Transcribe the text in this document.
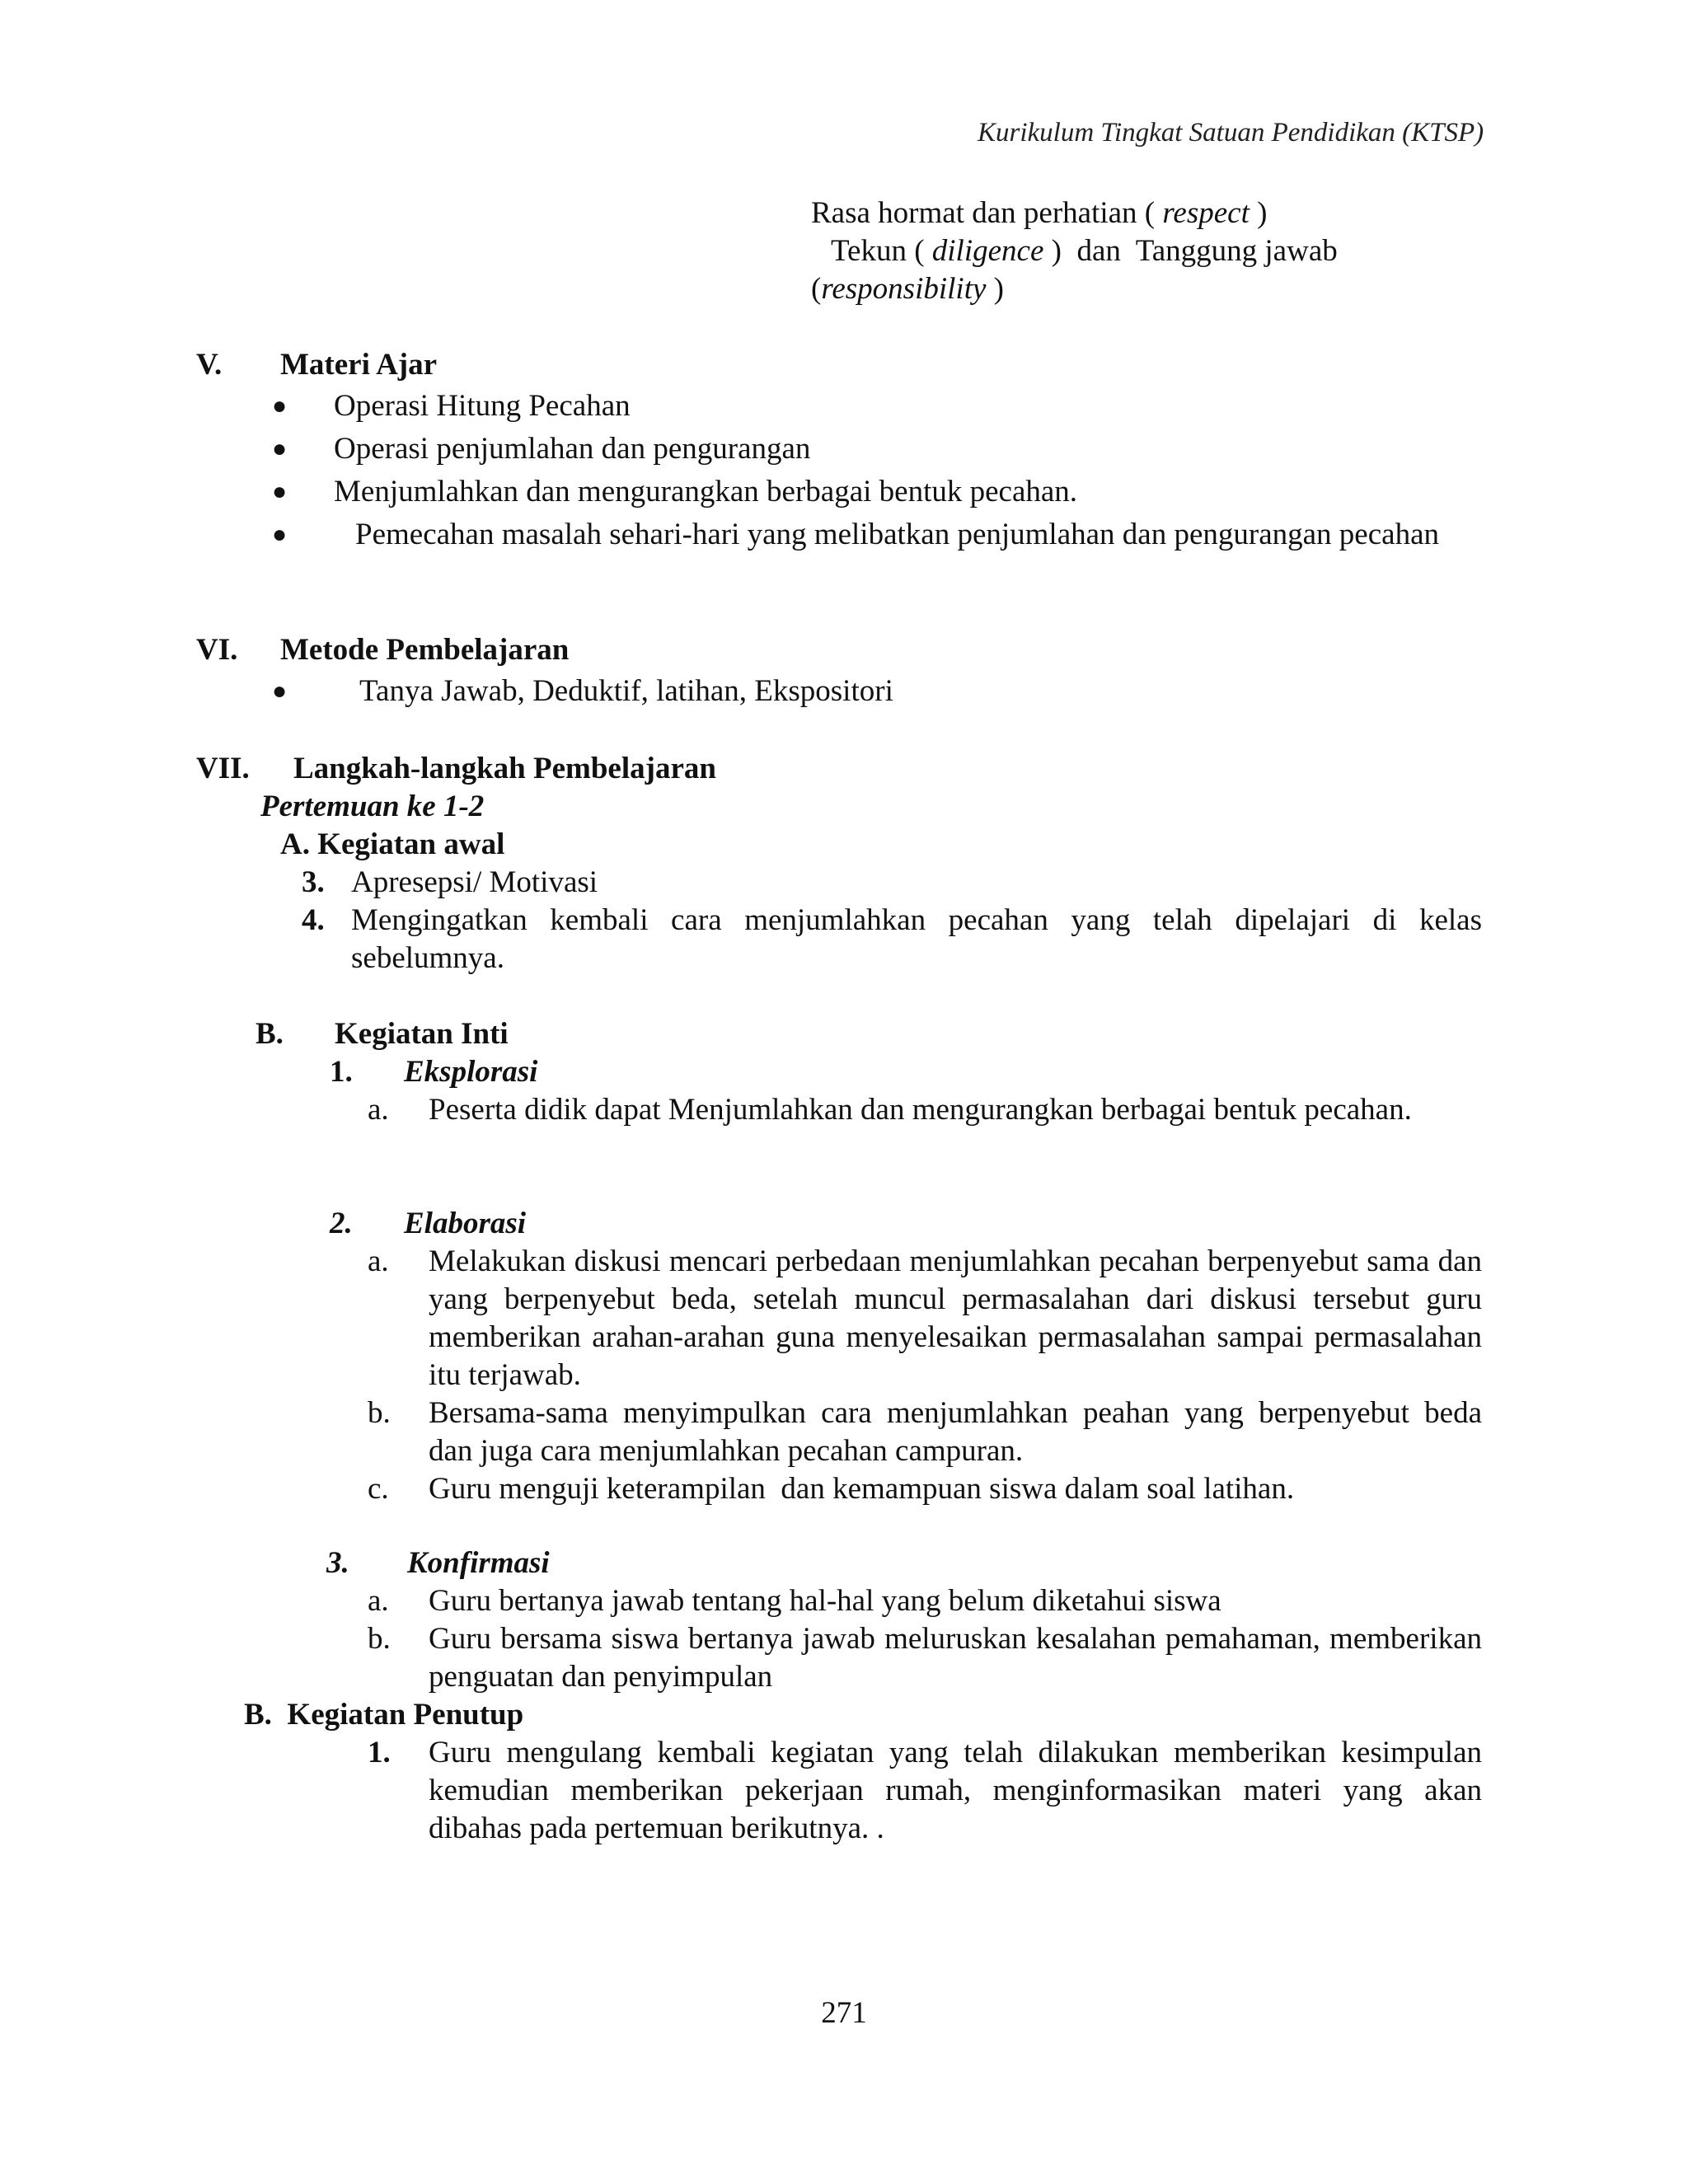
Kurikulum Tingkat Satuan Pendidikan (KTSP)
Rasa hormat dan perhatian ( respect )
Tekun ( diligence )  dan  Tanggung jawab
(responsibility )
V. Materi Ajar
● Operasi Hitung Pecahan
● Operasi penjumlahan dan pengurangan
● Menjumlahkan dan mengurangkan berbagai bentuk pecahan.
●	Pemecahan masalah sehari-hari yang melibatkan penjumlahan dan pengurangan pecahan
VI. Metode Pembelajaran
● Tanya Jawab, Deduktif, latihan, Ekspositori
VII. Langkah-langkah Pembelajaran
Pertemuan ke 1-2
A. Kegiatan awal
3. Apresepsi/ Motivasi
4. Mengingatkan kembali cara menjumlahkan pecahan yang telah dipelajari di kelas sebelumnya.
B. Kegiatan Inti
1. Eksplorasi
a. Peserta didik dapat Menjumlahkan dan mengurangkan berbagai bentuk pecahan.
2. Elaborasi
a. Melakukan diskusi mencari perbedaan menjumlahkan pecahan berpenyebut sama dan yang berpenyebut beda, setelah muncul permasalahan dari diskusi tersebut guru memberikan arahan-arahan guna menyelesaikan permasalahan sampai permasalahan itu terjawab.
b. Bersama-sama menyimpulkan cara menjumlahkan peahan yang berpenyebut beda dan juga cara menjumlahkan pecahan campuran.
c. Guru menguji keterampilan  dan kemampuan siswa dalam soal latihan.
3. Konfirmasi
a. Guru bertanya jawab tentang hal-hal yang belum diketahui siswa
b. Guru bersama siswa bertanya jawab meluruskan kesalahan pemahaman, memberikan penguatan dan penyimpulan
B.  Kegiatan Penutup
1. Guru mengulang kembali kegiatan yang telah dilakukan memberikan kesimpulan kemudian memberikan pekerjaan rumah, menginformasikan materi yang akan dibahas pada pertemuan berikutnya. .
271
